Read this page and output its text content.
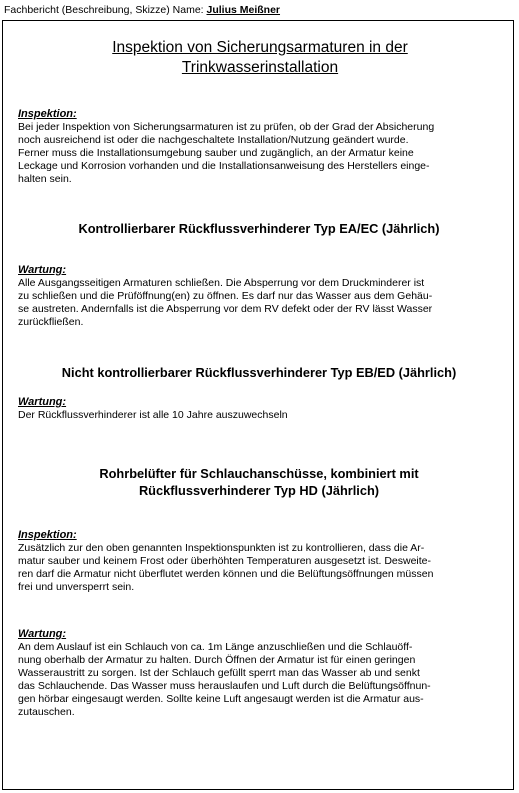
Fachbericht (Beschreibung, Skizze) Name: Julius Meißner
Inspektion von Sicherungsarmaturen in der
Trinkwasserinstallation
Inspektion:
Bei jeder Inspektion von Sicherungsarmaturen ist zu prüfen, ob der Grad der Absicherung
noch ausreichend ist oder die nachgeschaltete Installation/Nutzung geändert wurde.
Ferner muss die Installationsumgebung sauber und zugänglich, an der Armatur keine
Leckage und Korrosion vorhanden und die Installationsanweisung des Herstellers einge-
halten sein.
Kontrollierbarer Rückflussverhinderer Typ EA/EC (Jährlich)
Wartung:
Alle Ausgangsseitigen Armaturen schließen. Die Absperrung vor dem Druckminderer ist
zu schließen und die Prüföffnung(en) zu öffnen. Es darf nur das Wasser aus dem Gehäu-
se austreten. Andernfalls ist die Absperrung vor dem RV defekt oder der RV lässt Wasser
zurückfließen.
Nicht kontrollierbarer Rückflussverhinderer Typ EB/ED (Jährlich)
Wartung:
Der Rückflussverhinderer ist alle 10 Jahre auszuwechseln
Rohrbelüfter für Schlauchanschüsse, kombiniert mit
Rückflussverhinderer Typ HD (Jährlich)
Inspektion:
Zusätzlich zur den oben genannten Inspektionspunkten ist zu kontrollieren, dass die Ar-
matur sauber und keinem Frost oder überhöhten Temperaturen ausgesetzt ist. Desweite-
ren darf die Armatur nicht überflutet werden können und die Belüftungsöffnungen müssen
frei und unversperrt sein.
Wartung:
An dem Auslauf ist ein Schlauch von ca. 1m Länge anzuschließen und die Schlauöff-
nung oberhalb der Armatur zu halten. Durch Öffnen der Armatur ist für einen geringen
Wasseraustritt zu sorgen. Ist der Schlauch gefüllt sperrt man das Wasser ab und senkt
das Schlauchende. Das Wasser muss herauslaufen und Luft durch die Belüftungsöffnun-
gen hörbar eingesaugt werden. Sollte keine Luft angesaugt werden ist die Armatur aus-
zutauschen.
